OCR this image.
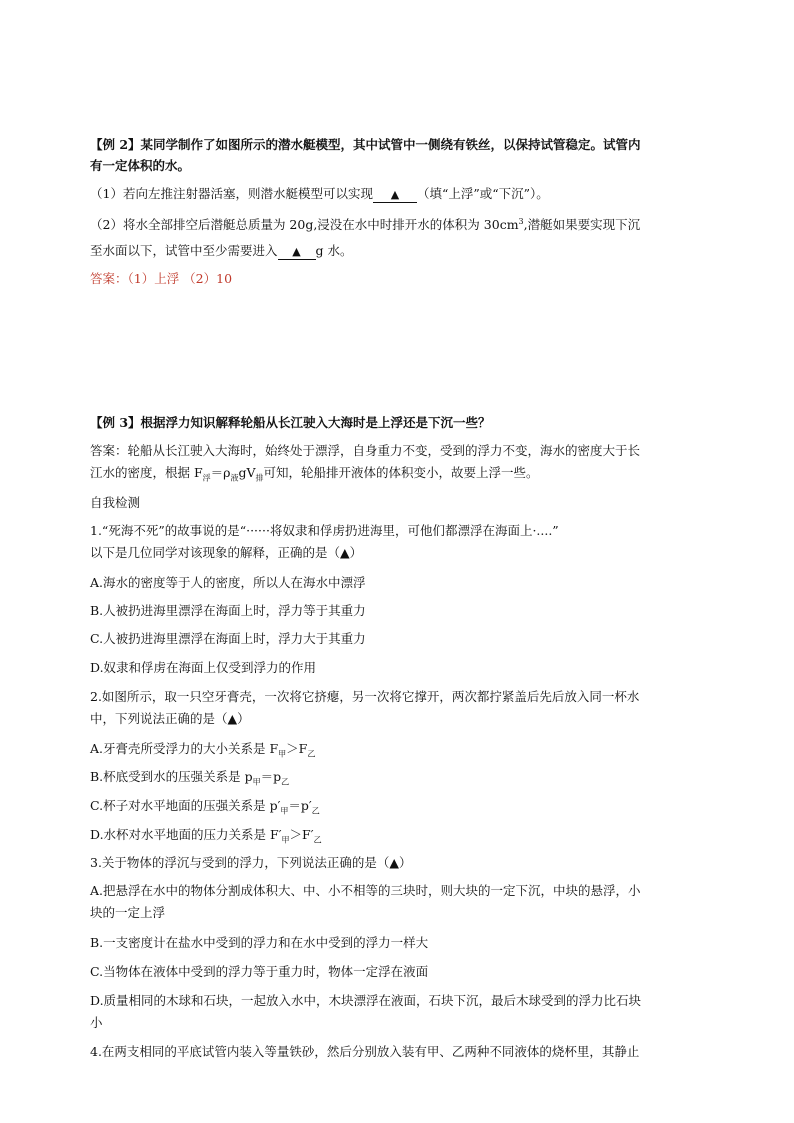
【例 2】某同学制作了如图所示的潜水艇模型，其中试管中一侧绕有铁丝，以保持试管稳定。试管内
有一定体积的水。
（1）若向左推注射器活塞，则潜水艇模型可以实现 ▲ （填“上浮”或“下沉”）。
（2）将水全部排空后潜艇总质量为 20g,浸没在水中时排开水的体积为 $30cm^3$,潜艇如果要实现下沉
至水面以下，试管中至少需要进入 ▲ g 水。
答案：（1）上浮 （2）10
【例 3】根据浮力知识解释轮船从长江驶入大海时是上浮还是下沉一些？
答案：轮船从长江驶入大海时，始终处于漂浮，自身重力不变，受到的浮力不变，海水的密度大于长
江水的密度，根据 $F_浮=\rho_液gV_排$可知，轮船排开液体的体积变小，故要上浮一些。
自我检测
1.“死海不死”的故事说的是“······将奴隶和俘虏扔进海里，可他们都漂浮在海面上·....”
以下是几位同学对该现象的解释，正确的是（▲）
A.海水的密度等于人的密度，所以人在海水中漂浮
B.人被扔进海里漂浮在海面上时，浮力等于其重力
C.人被扔进海里漂浮在海面上时，浮力大于其重力
D.奴隶和俘虏在海面上仅受到浮力的作用
2.如图所示，取一只空牙膏壳，一次将它挤瘪，另一次将它撑开，两次都拧紧盖后先后放入同一杯水
中，下列说法正确的是（▲）
A.牙膏壳所受浮力的大小关系是 $F_甲>F_乙$
B.杯底受到水的压强关系是 $p_甲=p_乙$
C.杯子对水平地面的压强关系是 $p'_甲=p'_乙$
D.水杯对水平地面的压力关系是 $F'_甲>F'_乙$
3.关于物体的浮沉与受到的浮力，下列说法正确的是（▲）
A.把悬浮在水中的物体分割成体积大、中、小不相等的三块时，则大块的一定下沉，中块的悬浮，小
块的一定上浮
B.一支密度计在盐水中受到的浮力和在水中受到的浮力一样大
C.当物体在液体中受到的浮力等于重力时，物体一定浮在液面
D.质量相同的木球和石块，一起放入水中，木块漂浮在液面，石块下沉，最后木球受到的浮力比石块
小
4.在两支相同的平底试管内装入等量铁砂，然后分别放入装有甲、乙两种不同液体的烧杯里，其静止
